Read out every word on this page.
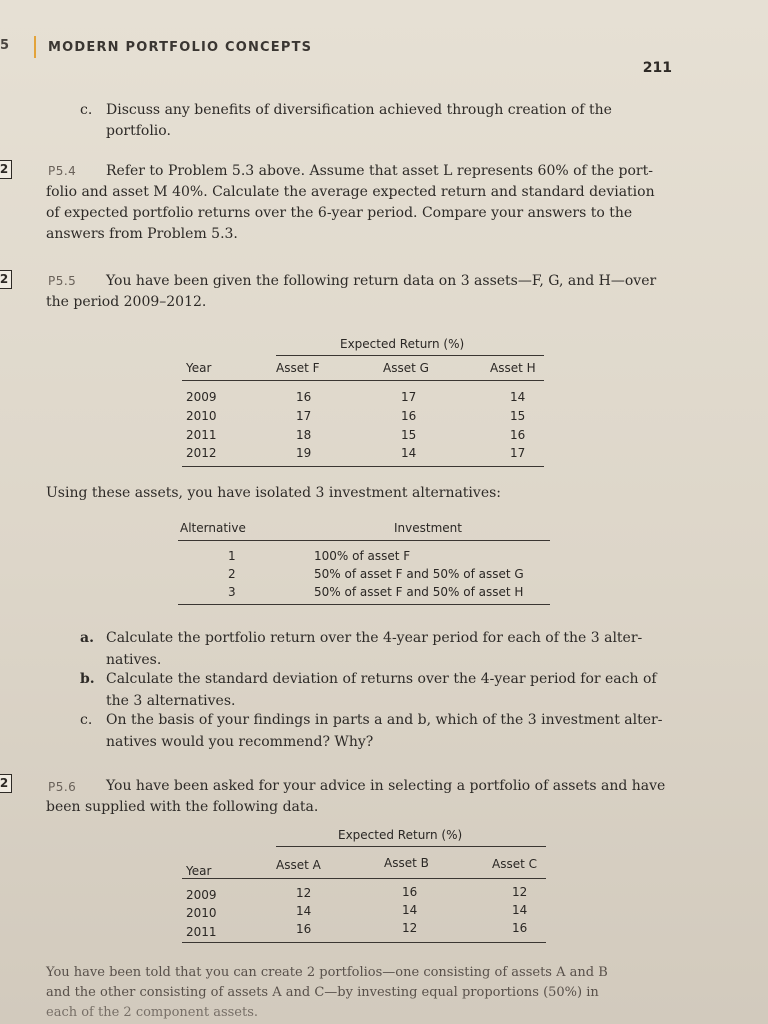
5	MODERN PORTFOLIO CONCEPTS
211
c. Discuss any benefits of diversification achieved through creation of the
portfolio.
2	P5.4 Refer to Problem 5.3 above. Assume that asset L represents 60% of the port-
folio and asset M 40%. Calculate the average expected return and standard deviation
of expected portfolio returns over the 6-year period. Compare your answers to the
answers from Problem 5.3.
2	P5.5 You have been given the following return data on 3 assets—F, G, and H—over
the period 2009–2012.
Expected Return (%)
Year	Asset F	Asset G	Asset H
2009	16	17	14
2010	17	16	15
2011	18	15	16
2012	19	14	17
Using these assets, you have isolated 3 investment alternatives:
Alternative	Investment
1	100% of asset F
2	50% of asset F and 50% of asset G
3	50% of asset F and 50% of asset H
a. Calculate the portfolio return over the 4-year period for each of the 3 alter-
natives.
b. Calculate the standard deviation of returns over the 4-year period for each of
the 3 alternatives.
c. On the basis of your findings in parts a and b, which of the 3 investment alter-
natives would you recommend? Why?
2	P5.6 You have been asked for your advice in selecting a portfolio of assets and have
been supplied with the following data.
Expected Return (%)
Year	Asset A	Asset B	Asset C
2009	12	16	12
2010	14	14	14
2011	16	12	16
You have been told that you can create 2 portfolios—one consisting of assets A and B
and the other consisting of assets A and C—by investing equal proportions (50%) in
each of the 2 component assets.
